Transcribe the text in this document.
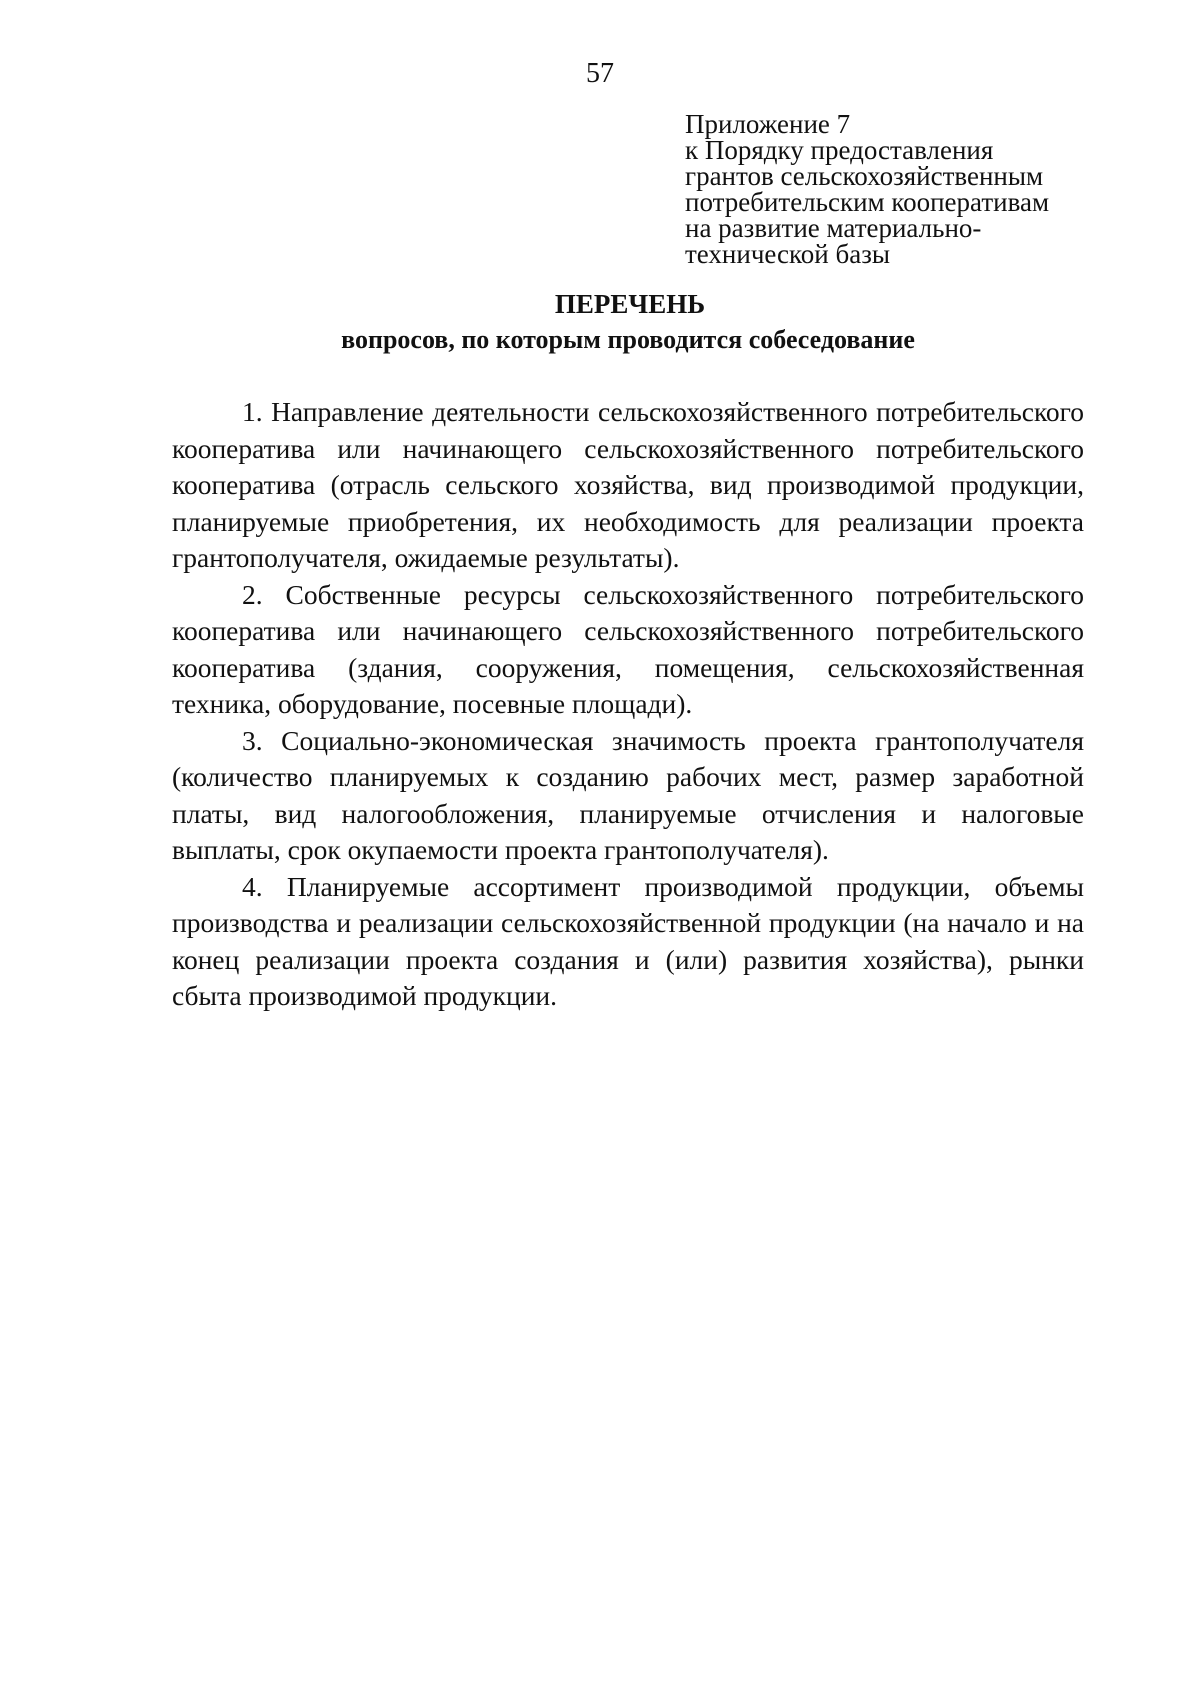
57
Приложение 7
к Порядку предоставления
грантов сельскохозяйственным
потребительским кооперативам
на развитие материально-
технической базы
ПЕРЕЧЕНЬ
вопросов, по которым проводится собеседование

1. Направление деятельности сельскохозяйственного потребительского кооператива или начинающего сельскохозяйственного потребительского кооператива (отрасль сельского хозяйства, вид производимой продукции, планируемые приобретения, их необходимость для реализации проекта грантополучателя, ожидаемые результаты).

2. Собственные ресурсы сельскохозяйственного потребительского кооператива или начинающего сельскохозяйственного потребительского кооператива (здания, сооружения, помещения, сельскохозяйственная техника, оборудование, посевные площади).

3. Социально-экономическая значимость проекта грантополучателя (количество планируемых к созданию рабочих мест, размер заработной платы, вид налогообложения, планируемые отчисления и налоговые выплаты, срок окупаемости проекта грантополучателя).

4. Планируемые ассортимент производимой продукции, объемы производства и реализации сельскохозяйственной продукции (на начало и на конец реализации проекта создания и (или) развития хозяйства), рынки сбыта производимой продукции.
